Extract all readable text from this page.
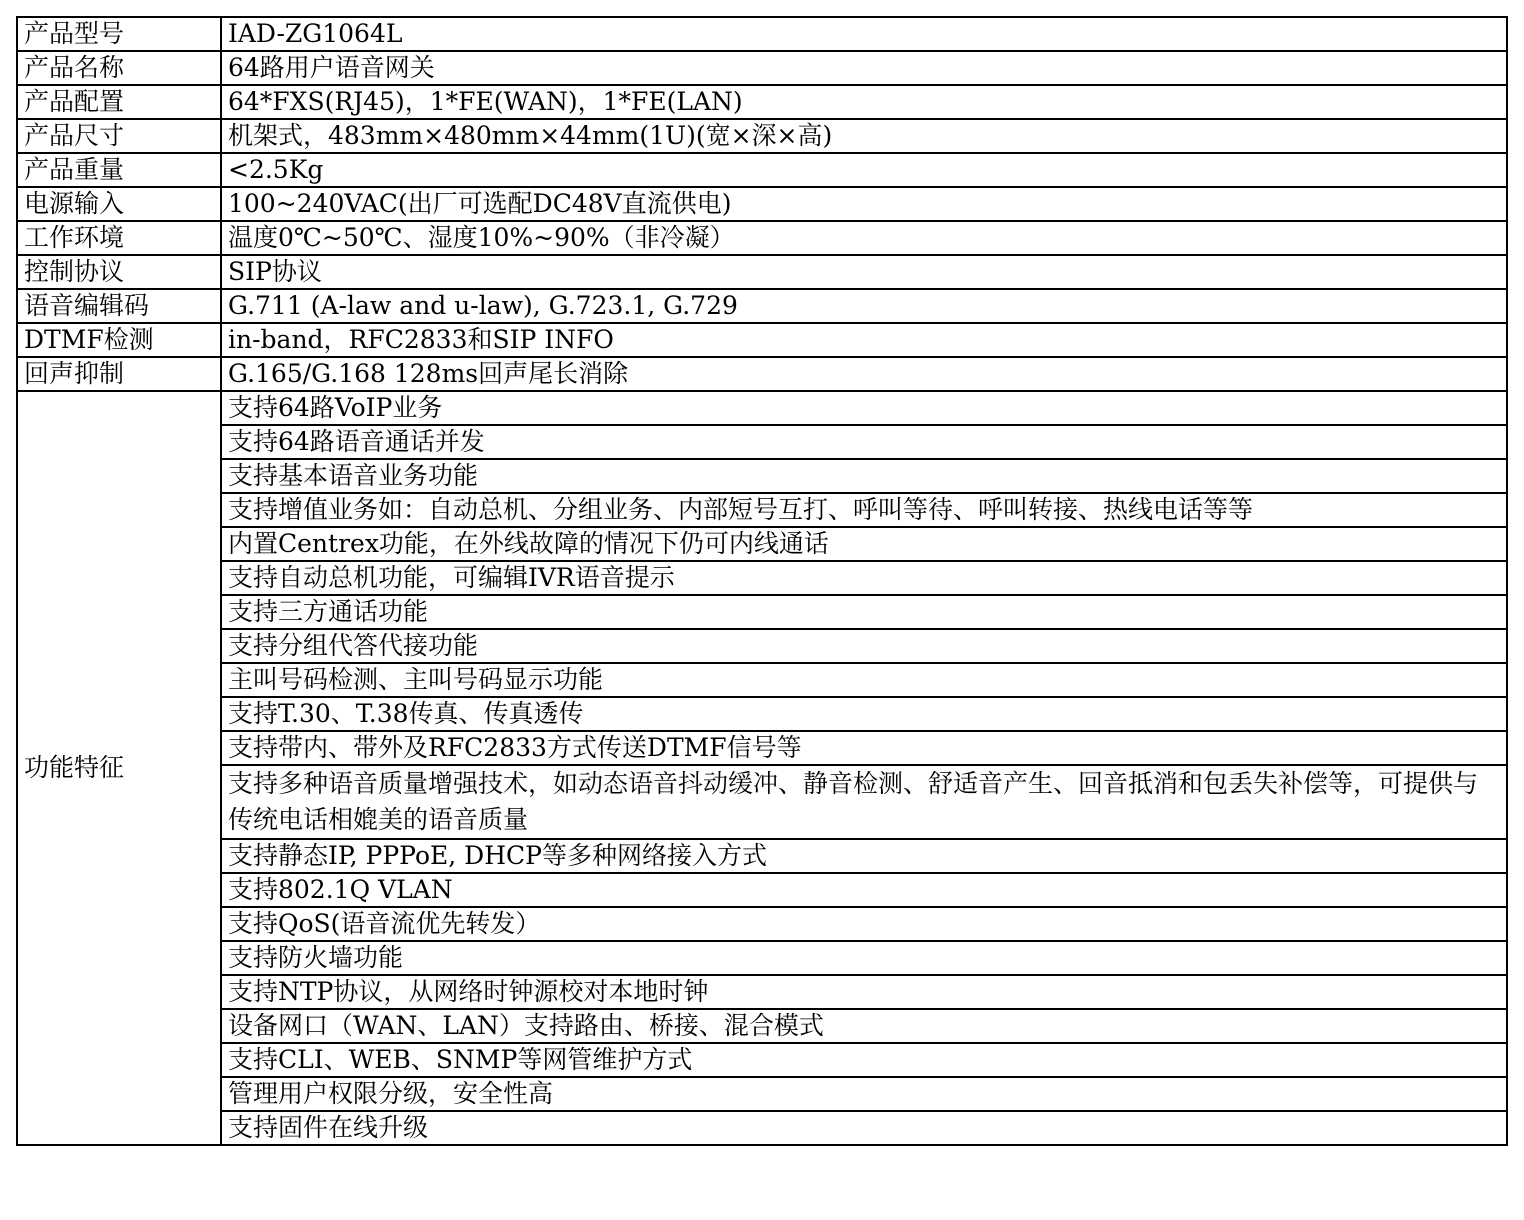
产品型号	IAD-ZG1064L
产品名称	64路用户语音网关
产品配置	64*FXS(RJ45)，1*FE(WAN)，1*FE(LAN)
产品尺寸	机架式，483mm×480mm×44mm(1U)(宽×深×高)
产品重量	<2.5Kg
电源输入	100~240VAC(出厂可选配DC48V直流供电)
工作环境	温度0℃~50℃、湿度10%~90%（非冷凝）
控制协议	SIP协议
语音编辑码	G.711 (A-law and u-law), G.723.1, G.729
DTMF检测	in-band，RFC2833和SIP INFO
回声抑制	G.165/G.168 128ms回声尾长消除
功能特征	支持64路VoIP业务
	支持64路语音通话并发
	支持基本语音业务功能
	支持增值业务如：自动总机、分组业务、内部短号互打、呼叫等待、呼叫转接、热线电话等等
	内置Centrex功能，在外线故障的情况下仍可内线通话
	支持自动总机功能，可编辑IVR语音提示
	支持三方通话功能
	支持分组代答代接功能
	主叫号码检测、主叫号码显示功能
	支持T.30、T.38传真、传真透传
	支持带内、带外及RFC2833方式传送DTMF信号等
	支持多种语音质量增强技术，如动态语音抖动缓冲、静音检测、舒适音产生、回音抵消和包丢失补偿等，可提供与传统电话相媲美的语音质量
	支持静态IP, PPPoE, DHCP等多种网络接入方式
	支持802.1Q VLAN
	支持QoS(语音流优先转发）
	支持防火墙功能
	支持NTP协议，从网络时钟源校对本地时钟
	设备网口（WAN、LAN）支持路由、桥接、混合模式
	支持CLI、WEB、SNMP等网管维护方式
	管理用户权限分级，安全性高
	支持固件在线升级
